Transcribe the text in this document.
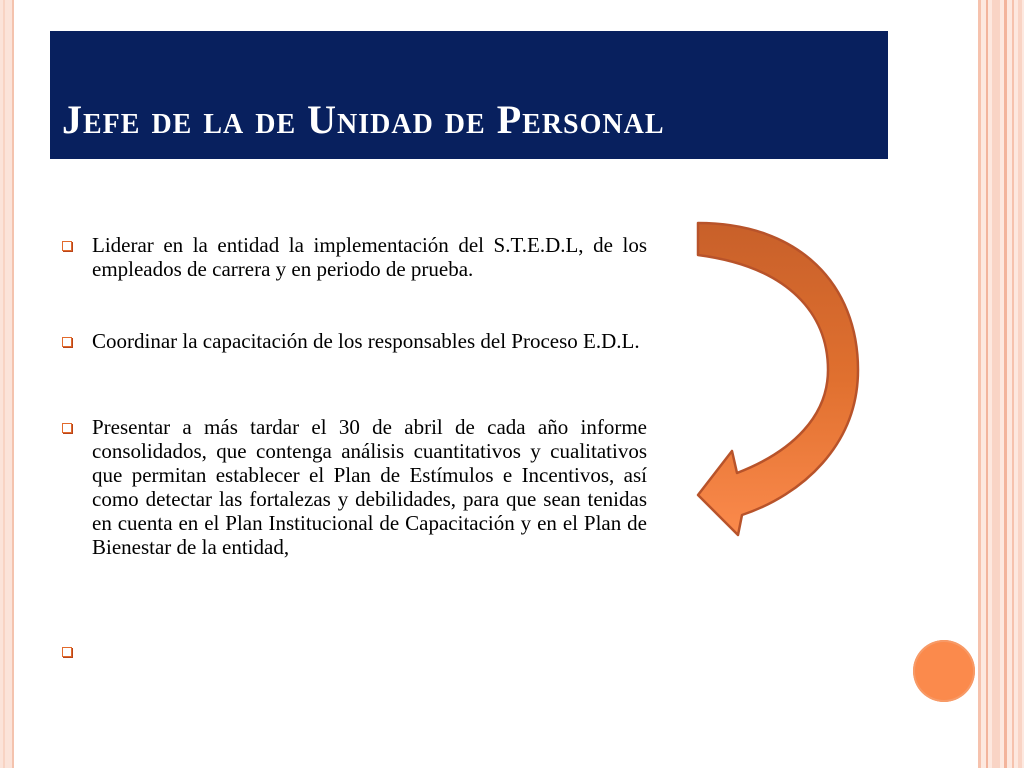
Jefe de la de Unidad de Personal
Liderar en la entidad la implementación del S.T.E.D.L, de los empleados de carrera y en periodo de prueba.
Coordinar la capacitación de los responsables del Proceso E.D.L.
Presentar a más tardar el 30 de abril de cada año informe consolidados, que contenga análisis cuantitativos y cualitativos que permitan establecer el Plan de Estímulos e Incentivos, así como detectar las fortalezas y debilidades, para que sean tenidas en cuenta en el Plan Institucional de Capacitación y en el Plan de Bienestar de la entidad,
